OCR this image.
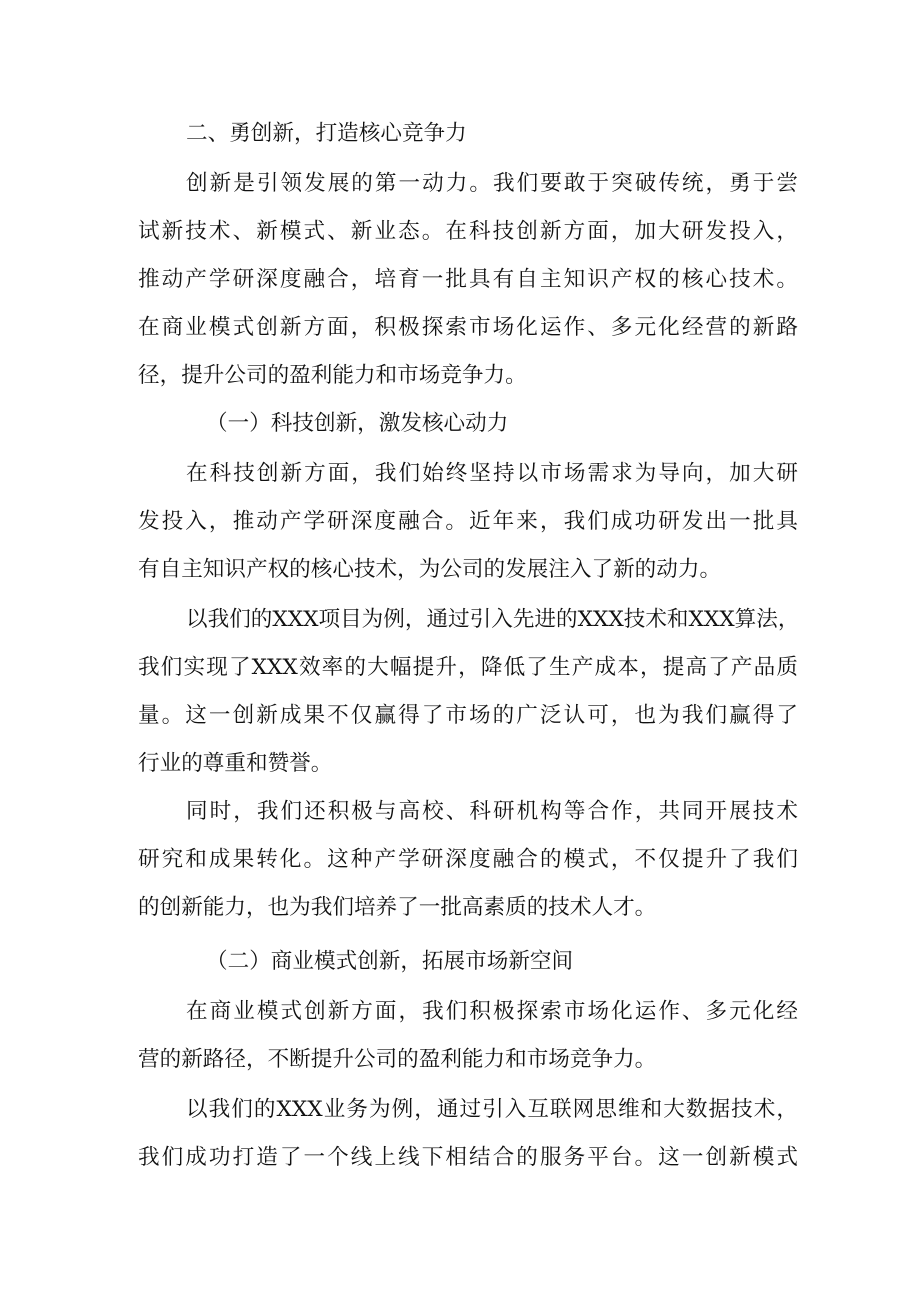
二、勇创新，打造核心竞争力
创新是引领发展的第一动力。我们要敢于突破传统，勇于尝
试新技术、新模式、新业态。在科技创新方面，加大研发投入，
推动产学研深度融合，培育一批具有自主知识产权的核心技术。
在商业模式创新方面，积极探索市场化运作、多元化经营的新路
径，提升公司的盈利能力和市场竞争力。
（一）科技创新，激发核心动力
在科技创新方面，我们始终坚持以市场需求为导向，加大研
发投入，推动产学研深度融合。近年来，我们成功研发出一批具
有自主知识产权的核心技术，为公司的发展注入了新的动力。
以我们的XXX项目为例，通过引入先进的XXX技术和XXX算法，
我们实现了XXX效率的大幅提升，降低了生产成本，提高了产品质
量。这一创新成果不仅赢得了市场的广泛认可，也为我们赢得了
行业的尊重和赞誉。
同时，我们还积极与高校、科研机构等合作，共同开展技术
研究和成果转化。这种产学研深度融合的模式，不仅提升了我们
的创新能力，也为我们培养了一批高素质的技术人才。
（二）商业模式创新，拓展市场新空间
在商业模式创新方面，我们积极探索市场化运作、多元化经
营的新路径，不断提升公司的盈利能力和市场竞争力。
以我们的XXX业务为例，通过引入互联网思维和大数据技术，
我们成功打造了一个线上线下相结合的服务平台。这一创新模式
